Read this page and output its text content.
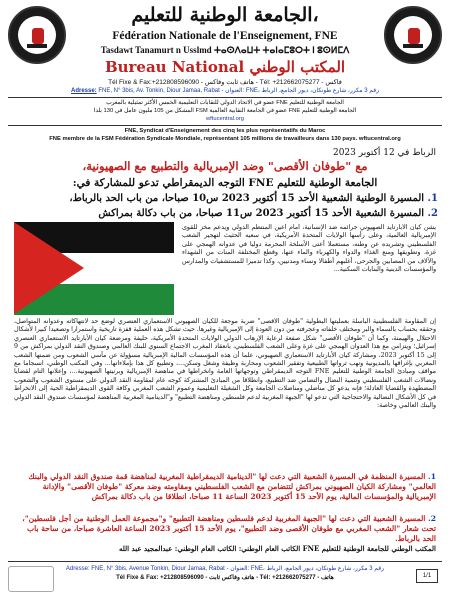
الجامعة الوطنية للتعليم،
Fédération Nationale de l'Enseignement, FNE
Tasdawt Tanamurt n Usslmd ⵜⴰⵙⴷⴰⵡⵜ ⵜⴰⵏⴰⵎⵓⵔⵜ ⵏ ⵓⵙⵍⵎⴷ
Bureau National المكتب الوطني
Tél Fixe & Fax:+212808596090 - هاتف ثابت وفاكس - Tél: +212662075277 - فاكس
Adresse: FNE, N° 3bis, Av. Tonkin, Diour Jamaa, Rabat - العنوان: FNE، رقم 3 مكرر، شارع طونكان، ديور الجامع، الرباط
الجامعة الوطنية للتعليم FNE عضو في الاتحاد الدولي للنقابات التعليمية الخمس الأكثر تمثيلية بالمغرب
الجامعة الوطنية للتعليم FNE عضو في الجامعة النقابية العالمية FSM المشكل من 105 مليون عامل في 130 بلدا
wftucentral.org
FNE, Syndicat d'Enseignement des cinq les plus représentatifs du Maroc
FNE membre de la FSM Fédération Syndicale Mondiale, représentant 105 millions de travailleurs dans 130 pays. wftucentral.org
الرباط في 12 أكتوبر 2023
مع "طوفان الأقصى" وضد الإمبريالية والتطبيع مع الصهيونية،
الجامعة الوطنية للتعليم FNE التوجه الديمقراطي تدعو للمشاركة في:
1. المسيرة الوطنية الشعبية الأحد 15 أكتوبر 2023 س10 صباحا، من باب الحد بالرباط،
2. المسيرة الشعبية الأحد 15 أكتوبر 2023 س11 صباحا، من باب دكالة بمراكش
يشن كيان الأبارتايد الصهيوني جرائمه ضد الإنسانية، أمام أعين المنتظم الدولي ويدعم مخز للقوى الإمبريالية العالمية، وعلى رأسها الولايات المتحدة الأمريكية، في سعيه الحثيث لتهجير الشعب الفلسطيني وتشريده عن وطنه، مستعملا أعتى الأسلحة المحرمة دوليا في عدوانه الهمجي على غزة، وتطويقها ومنع الغذاء والدواء والكهرباء والماء عنها، وقطع المختلفة المنات من الشهداء والآلاف من المصابين والجرحى، أغلبهم أطفالا ونساء ومدنيين، وكذا تدميرا للمستشفيات والمدارس والمؤسسات الدينية والبنايات السكنية...
إن المقاومة الفلسطينية الباسلة بعمليتها البطولية "طوفان الأقصى" ضربة موجعة للكيان الصهيوني الاستعماري العنصري لوضع حد لانتهاكاته وعدوانه المتواصل، وحققه بحساب بالسماء والبر ومختلف خلفاته وعجرفته من دون العودة إلى الإمبريالية وغيرها. حيث تشكل هذه العملية قفزة تاريخية واستمرارا وتصعيدا كبيرا لأشكال الاحتلال والهيمنة، وكما أن "طوفان الأقصى" شكل صفعة لرعاية الإرهاب الدولي الولايات المتحدة الأمريكية، حليفة ومرضعة كيان الأبارتايد الاستعماري العنصري إسرائيل؛ ويتزامن مع هذا العدوان الهمجي على غزة وعلى الشعب الفلسطيني، بانعقاد المغرب الاجتماع السنوي للبنك العالمي وصندوق النقد الدولي بمراكش من 9 إلى 15 أكتوبر 2023، ومشاركة كيان الأبارتايد الاستعماري الصهيوني، علما أن هذه المؤسسات المالية الإمبريالية مسؤولة عن مآسي الشعوب ومن ضمنها الشعب المغربي بإغراقها بالمديونية ونهب ثرواتها الطبيعية وتفقير الشعوب ومحاربة وظيفة وشغل وسكن...، وتطبيع كل هذا بإملاءاتها... وفي المكتب الوطني، انسجاما مع مواقف ومبادئ الجامعة الوطنية للتعليم FNE التوجه الديمقراطي وتوجهاتها العامة وانخراطها في مناهضة الإمبريالية وبرنيتها الصهيونية...، وإعلانها التام لقضايا ونضالات الشعب الفلسطيني وتنمية النضال والتضامن ضد التطبيع، وانطلاقا من المبادئ المشتركة كوجه عام لمقاومة النقد الدولي على مستوى الشعوب والشعوب المضطهدة والقضايا العادلة؛ فإنه يدعو كل مناضلي ومناضلات الجامعة وكل الشغيلة التعليمية وعموم الشعب المغربي وكافة القوى الديمقراطية الحية إلى الانخراط في كل الأشكال النضالية والاحتجاجية التي تدعو لها "الجبهة المغربية لدعم فلسطين ومناهضة التطبيع" و"الدينامية المغربية المناهضة لمؤسسات صندوق النقد الدولي والبنك العالمي وخاصة:
1. المسيرة المنظمة في المسيرة الشعبية التي دعت لها "الدينامية الديمقراطية المغربية لمناهضة قمة صندوق النقد الدولي والبنك العالمي" ومشاركة الكيان الصهيوني بمراكش لتتضامن مع الشعب الفلسطيني ومقاومته وضد معركة "طوفان الأقصى" والإدانة الإمبريالية والمؤسسات المالية، يوم الأحد 15 أكتوبر 2023 الساعة 11 صباحا، انطلاقا من باب دكالة بمراكش
2. المسيرة الشعبية التي دعت لها "الجبهة المغربية لدعم فلسطين ومناهضة التطبيع" و"مجموعة العمل الوطنية من أجل فلسطين"، تحت شعار "الشعب المغربي مع طوفان الأقصى وضد التطبيع"، يوم الأحد 15 أكتوبر 2023 الساعة العاشرة صباحا، من ساحة باب الحد بالرباط.
المكتب الوطني للجامعة الوطنية للتعليم FNE الكاتب العام الوطني: الكاتب العام الوطني: عبدالمجيد عبد الله
Adresse: FNE, N° 3bis, Avenue Tonkin, Diour Jamaa, Rabat - العنوان: FNE، رقم 3 مكرر، شارع طونكان، ديور الجامع، الرباط
Tél Fixe & Fax: +212808596090 - هاتف وفاكس ثابت - Tél: +212662075277 - هاتف	1/1
